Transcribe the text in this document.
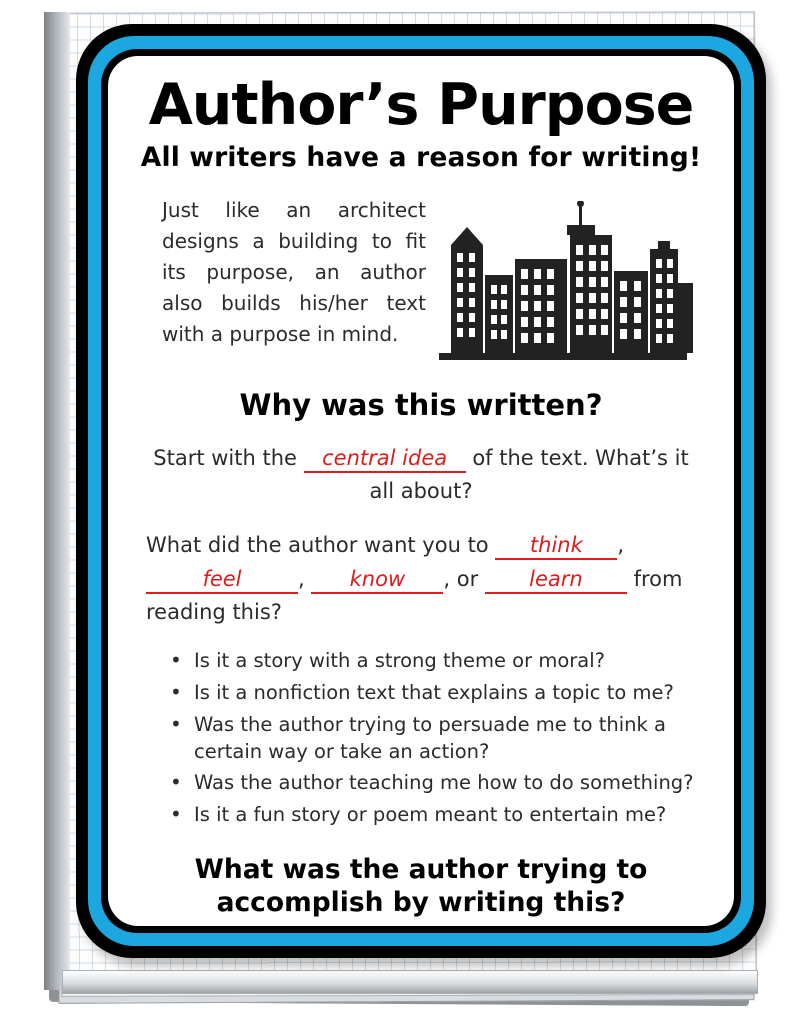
Author’s Purpose
All writers have a reason for writing!
Just like an architect designs a building to fit its purpose, an author also builds his/her text with a purpose in mind.
Why was this written?
Start with the central idea of the text. What’s it all about?
What did the author want you to think , feel	, know , or learn from reading this?
• Is it a story with a strong theme or moral?
• Is it a nonfiction text that explains a topic to me?
• Was the author trying to persuade me to think a certain way or take an action?
• Was the author teaching me how to do something?
• Is it a fun story or poem meant to entertain me?
What was the author trying to accomplish by writing this?
